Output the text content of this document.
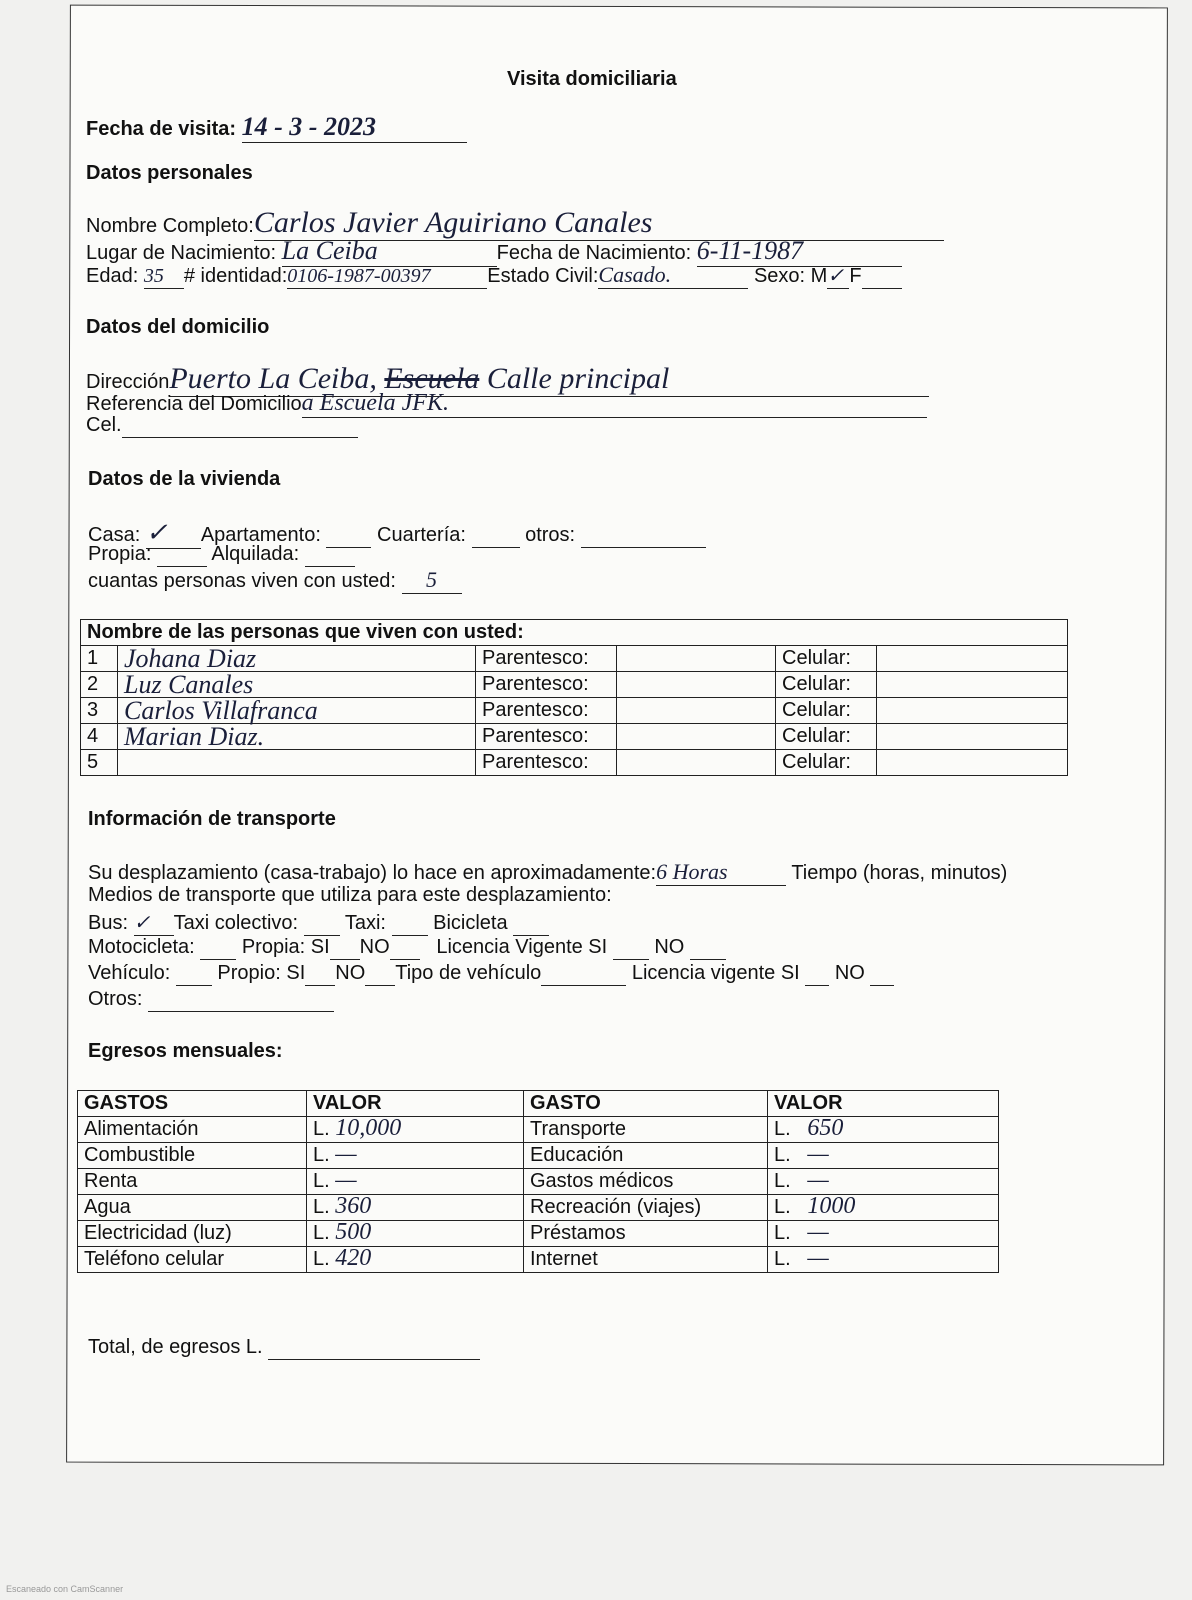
Visita domiciliaria
Fecha de visita: 14 - 3 - 2023
Datos personales
Nombre Completo:Carlos Javier Aguiriano Canales
Lugar de Nacimiento: La Ceiba	Fecha de Nacimiento: 6-11-1987
Edad: 35 # identidad:0106-1987-00397	Estado Civil:Casado.	Sexo: M✓ F
Datos del domicilio
DirecciónPuerto La Ceiba, Escuela Calle principal
Referencia del Domicilioa Escuela JFK.
Cel.
Datos de la vivienda
Casa: ✓ Apartamento:	Cuartería:	otros:
Propia:	Alquilada:
cuantas personas viven con usted: 5
Nombre de las personas que viven con usted:					
1	Johana Diaz	Parentesco:		Celular:	
2	Luz Canales	Parentesco:		Celular:	
3	Carlos Villafranca	Parentesco:		Celular:	
4	Marian Diaz.	Parentesco:		Celular:	
5		Parentesco:		Celular:	
Información de transporte
Su desplazamiento (casa-trabajo) lo hace en aproximadamente:6 Horas	Tiempo (horas, minutos)
Medios de transporte que utiliza para este desplazamiento:
Bus: ✓ Taxi colectivo: Taxi: Bicicleta
Motocicleta: Propia: SI NO Licencia Vigente SI NO
Vehículo: Propio: SI NO Tipo de vehículo	Licencia vigente SI NO
Otros:
Egresos mensuales:
GASTOS	VALOR	GASTO	VALOR
Alimentación	L. 10,000	Transporte	L. 650
Combustible	L. —	Educación	L. —
Renta	L. —	Gastos médicos	L. —
Agua	L. 360	Recreación (viajes)	L. 1000
Electricidad (luz)	L. 500	Préstamos	L. —
Teléfono celular	L. 420	Internet	L. —
Total, de egresos L.
Escaneado con CamScanner
